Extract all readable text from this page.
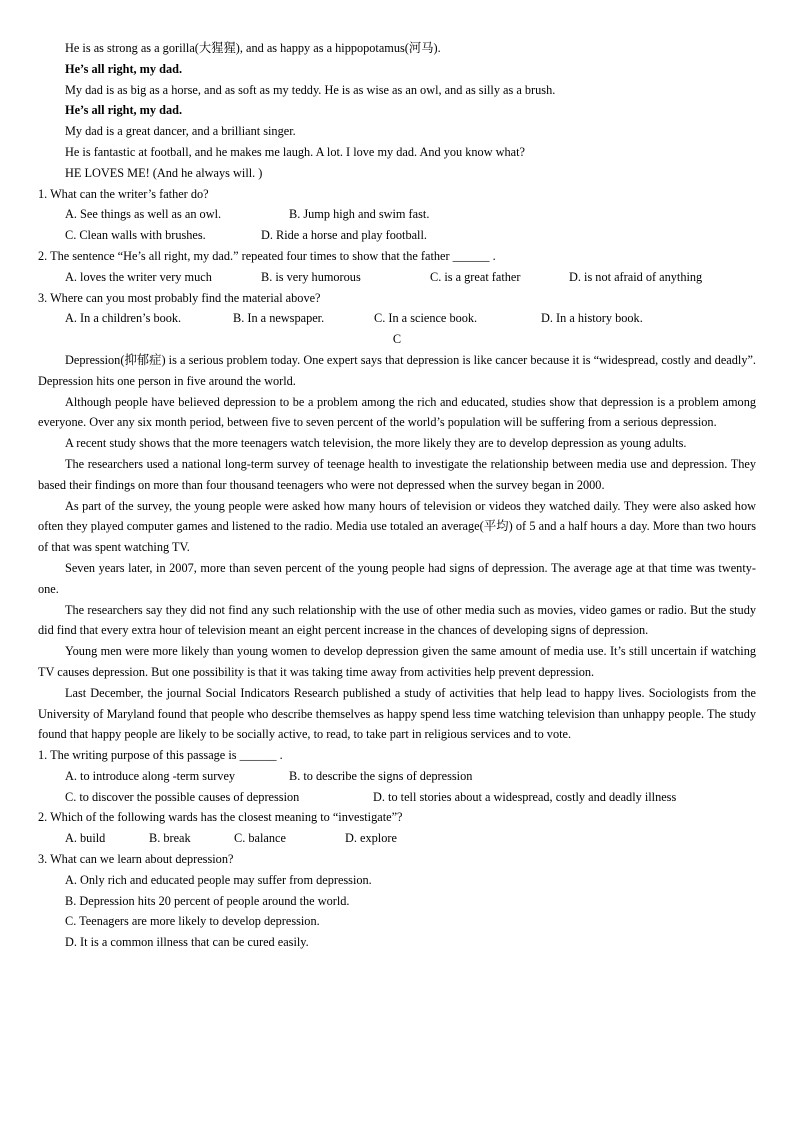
He is as strong as a gorilla(大猩猩), and as happy as a hippopotamus(河马).
He’s all right, my dad.
My dad is as big as a horse, and as soft as my teddy. He is as wise as an owl, and as silly as a brush.
He’s all right, my dad.
My dad is a great dancer, and a brilliant singer.
He is fantastic at football, and he makes me laugh. A lot. I love my dad. And you know what?
HE LOVES ME! (And he always will. )
1. What can the writer’s father do?
A. See things as well as an owl.	B. Jump high and swim fast.
C. Clean walls with brushes.	D. Ride a horse and play football.
2. The sentence “He’s all right, my dad.” repeated four times to show that the father ______ .
A. loves the writer very much	B. is very humorous	C. is a great father	D. is not afraid of anything
3. Where can you most probably find the material above?
A. In a children’s book.	B. In a newspaper.	C. In a science book.	D. In a history book.
C
Depression(抑郁症) is a serious problem today. One expert says that depression is like cancer because it is “widespread, costly and deadly”. Depression hits one person in five around the world.
Although people have believed depression to be a problem among the rich and educated, studies show that depression is a problem among everyone. Over any six month period, between five to seven percent of the world’s population will be suffering from a serious depression.
A recent study shows that the more teenagers watch television, the more likely they are to develop depression as young adults.
The researchers used a national long-term survey of teenage health to investigate the relationship between media use and depression. They based their findings on more than four thousand teenagers who were not depressed when the survey began in 2000.
As part of the survey, the young people were asked how many hours of television or videos they watched daily. They were also asked how often they played computer games and listened to the radio. Media use totaled an average(平均) of 5 and a half hours a day. More than two hours of that was spent watching TV.
Seven years later, in 2007, more than seven percent of the young people had signs of depression. The average age at that time was twenty-one.
The researchers say they did not find any such relationship with the use of other media such as movies, video games or radio. But the study did find that every extra hour of television meant an eight percent increase in the chances of developing signs of depression.
Young men were more likely than young women to develop depression given the same amount of media use. It’s still uncertain if watching TV causes depression. But one possibility is that it was taking time away from activities help prevent depression.
Last December, the journal Social Indicators Research published a study of activities that help lead to happy lives. Sociologists from the University of Maryland found that people who describe themselves as happy spend less time watching television than unhappy people. The study found that happy people are likely to be socially active, to read, to take part in religious services and to vote.
1. The writing purpose of this passage is ______ .
A. to introduce along -term survey	B. to describe the signs of depression
C. to discover the possible causes of depression	D. to tell stories about a widespread, costly and deadly illness
2. Which of the following wards has the closest meaning to “investigate”?
A. build	B. break	C. balance	D. explore
3. What can we learn about depression?
A. Only rich and educated people may suffer from depression.
B. Depression hits 20 percent of people around the world.
C. Teenagers are more likely to develop depression.
D. It is a common illness that can be cured easily.
